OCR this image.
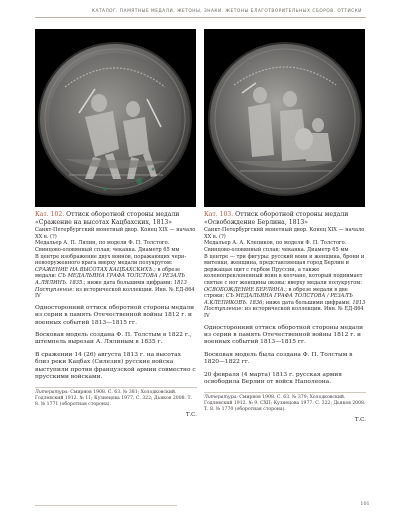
КАТАЛОГ. ПАМЯТНЫЕ МЕДАЛИ, ЖЕТОНЫ, ЗНАКИ. ЖЕТОНЫ БЛАГОТВОРИТЕЛЬНЫХ СБОРОВ. ОТТИСКИ

Кат. 102. Оттиск оборотной стороны медали «Сражение на высотах Кацбахских, 1813»

Санкт-Петербургский монетный двор. Конец XIX — начало XX в. (?)

Медальер А. П. Лялин, по модели Ф. П. Толстого. Свинцово-оловянный сплав; чеканка. Диаметр 65 мм

В центре изображение двух воинов, поражающих черн- невооруженного врага вверху медали полукругом: СРАЖЕНИЕ НА ВЫСОТАХ КАЦБАХСКИХЪ.; в обрезе медали: СЪ МЕДАЛЬЯНА ГРАФА ТОЛСТОВА / РЕЗАЛЪ А.ЛЯЛИНЪ. 1835.; ниже дата большими цифрами: 1813

Поступление: из исторической коллекции. Инв. № ЕД-864 IV

Односторонний оттиск оборотной стороны медали из серии в память Отечественной войны 1812 г. и военных событий 1813—1815 гг.

Восковая модель создана Ф. П. Толстым в 1822 г., штемпель вырезан А. Лялиным в 1835 г.

В сражении 14 (26) августа 1813 г. на высотах близ реки Кацбах (Силезия) русские войска выступили против французской армии совместно с прусскими войсками.

Литература: Смирнов 1908. С. 63. № 381; Холодковский. Годлевский 1912. № 11; Кузнецова 1977. С. 322; Дьяков 2008. Т. 8. № 1771 (оборотная сторона).

Т.С.

Кат. 103. Оттиск оборотной стороны медали «Освобождение Берлина, 1813»

Санкт-Петербургский монетный двор. Конец XIX — начало XX в. (?)

Медальер А. А. Клепиков, по модели Ф. П. Толстого. Свинцово-оловянный сплав; чеканка. Диаметр 65 мм

В центре — три фигуры: русский воин и женщина, брони и митенки, женщина, представляющая город Берлин и держащая щит с гербом Пруссии, а также коленопреклоненный воин в колчане, который поднимает святые с ног женщины оковы; вверху медали полукругом: ОСВОБОЖДЕНИЕ БЕРЛИНА.; в обрезе медали в две строки: СЪ МЕДАЛЬЯНА ГРАФА ТОЛСТОВА / РЕЗАЛЪ А.КЛЕПИКОВЪ. 1836; ниже дата большими цифрами: 1813

Поступление: из исторической коллекции. Инв. № ЕД-864 IV

Односторонний оттиск оборотной стороны медали из серии в память Отечественной войны 1812 г. и военных событий 1813—1815 гг.

Восковая модель была создана Ф. П. Толстым в 1820—1822 гг.

20 февраля (4 марта) 1813 г. русская армия освободила Берлин от войск Наполеона.

Литература: Смирнов 1908. С. 63. № 379; Холодковский. Годлевский 1912. № 9. CXII; Кузнецова 1977. С. 322; Дьяков 2008. Т. 8. № 1770 (оборотная сторона).

Т.С.

101
